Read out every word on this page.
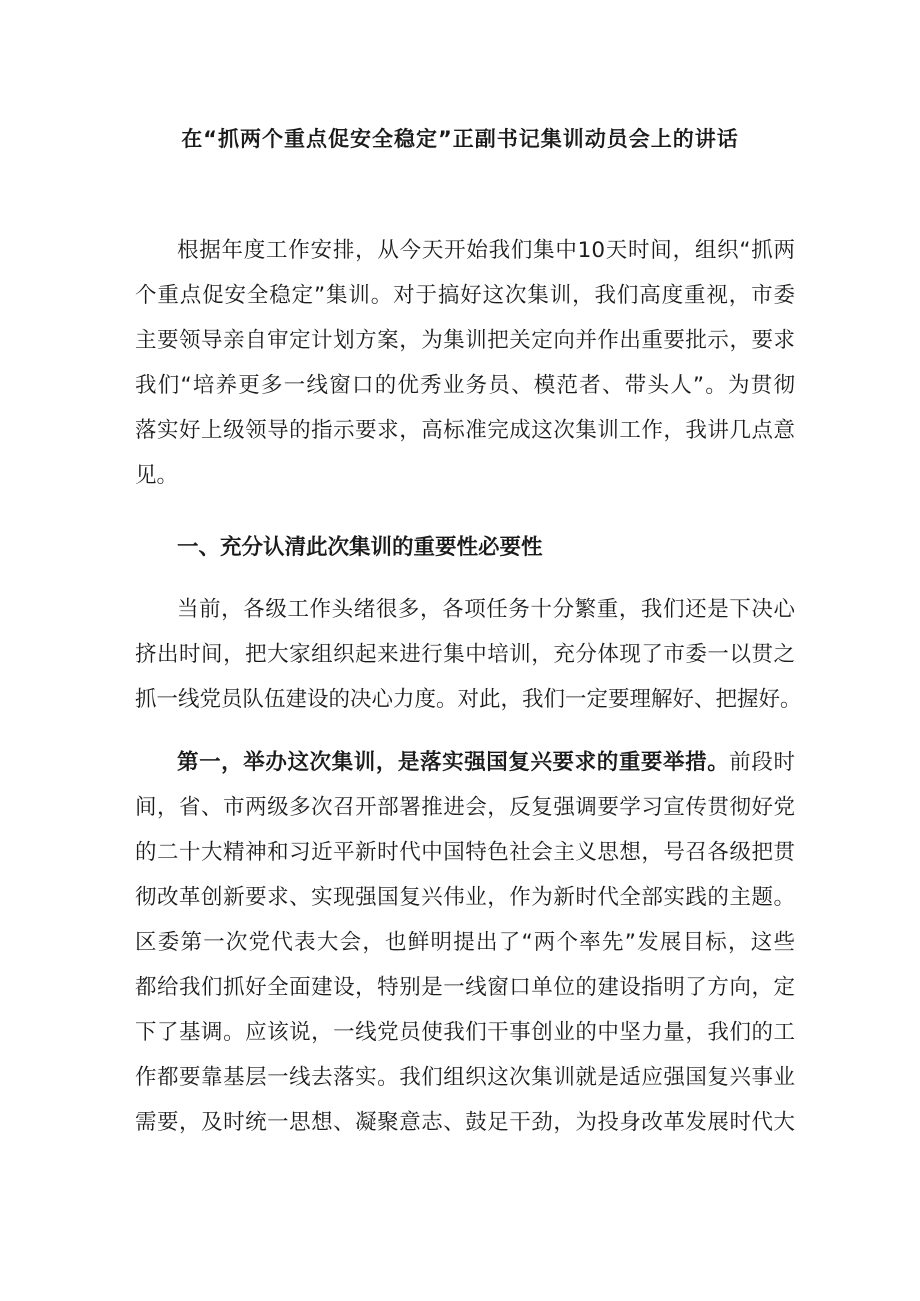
在“抓两个重点促安全稳定”正副书记集训动员会上的讲话

根据年度工作安排，从今天开始我们集中10天时间，组织“抓两

个重点促安全稳定”集训。对于搞好这次集训，我们高度重视，市委

主要领导亲自审定计划方案，为集训把关定向并作出重要批示，要求

我们“培养更多一线窗口的优秀业务员、模范者、带头人”。为贯彻

落实好上级领导的指示要求，高标准完成这次集训工作，我讲几点意

见。

一、充分认清此次集训的重要性必要性

当前，各级工作头绪很多，各项任务十分繁重，我们还是下决心

挤出时间，把大家组织起来进行集中培训，充分体现了市委一以贯之

抓一线党员队伍建设的决心力度。对此，我们一定要理解好、把握好。

第一，举办这次集训，是落实强国复兴要求的重要举措。前段时

间，省、市两级多次召开部署推进会，反复强调要学习宣传贯彻好党

的二十大精神和习近平新时代中国特色社会主义思想，号召各级把贯

彻改革创新要求、实现强国复兴伟业，作为新时代全部实践的主题。

区委第一次党代表大会，也鲜明提出了“两个率先”发展目标，这些

都给我们抓好全面建设，特别是一线窗口单位的建设指明了方向，定

下了基调。应该说，一线党员使我们干事创业的中坚力量，我们的工

作都要靠基层一线去落实。我们组织这次集训就是适应强国复兴事业

需要，及时统一思想、凝聚意志、鼓足干劲，为投身改革发展时代大
